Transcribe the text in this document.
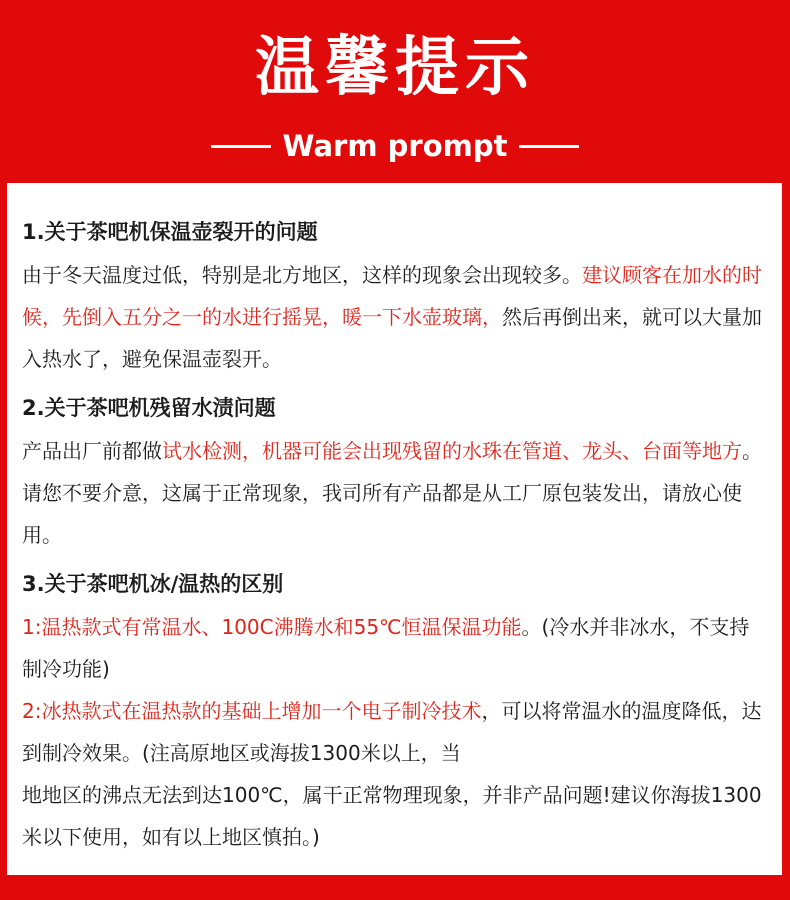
温馨提示
Warm prompt
1.关于茶吧机保温壶裂开的问题

由于冬天温度过低，特别是北方地区，这样的现象会出现较多。建议顾客在加水的时候，先倒入五分之一的水进行摇晃，暖一下水壶玻璃，然后再倒出来，就可以大量加入热水了，避免保温壶裂开。

2.关于茶吧机残留水渍问题

产品出厂前都做试水检测，机器可能会出现残留的水珠在管道、龙头、台面等地方。请您不要介意，这属于正常现象，我司所有产品都是从工厂原包装发出，请放心使用。

3.关于茶吧机冰/温热的区别

1:温热款式有常温水、100C沸腾水和55℃恒温保温功能。(冷水并非冰水，不支持制冷功能)

2:冰热款式在温热款的基础上增加一个电子制冷技术，可以将常温水的温度降低，达到制冷效果。(注高原地区或海拔1300米以上，当

地地区的沸点无法到达100℃，属干正常物理现象，并非产品问题!建议你海拔1300米以下使用，如有以上地区慎拍。)
